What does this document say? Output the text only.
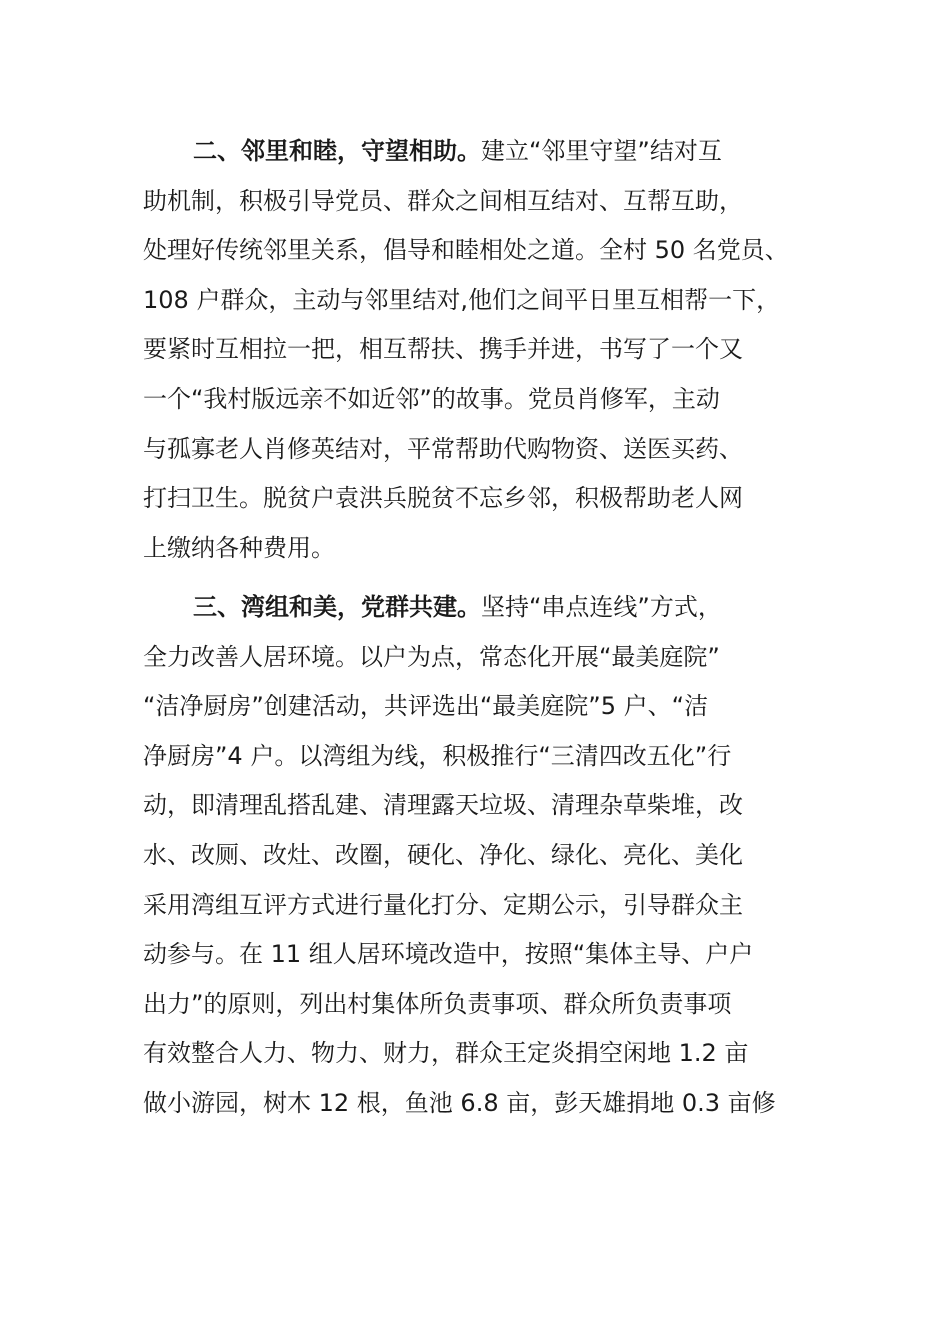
二、邻里和睦，守望相助。建立“邻里守望”结对互
助机制，积极引导党员、群众之间相互结对、互帮互助，
处理好传统邻里关系，倡导和睦相处之道。全村 50 名党员、
108 户群众，主动与邻里结对,他们之间平日里互相帮一下，
要紧时互相拉一把，相互帮扶、携手并进，书写了一个又
一个“我村版远亲不如近邻”的故事。党员肖修军，主动
与孤寡老人肖修英结对，平常帮助代购物资、送医买药、
打扫卫生。脱贫户袁洪兵脱贫不忘乡邻，积极帮助老人网
上缴纳各种费用。
三、湾组和美，党群共建。坚持“串点连线”方式，
全力改善人居环境。以户为点，常态化开展“最美庭院”
“洁净厨房”创建活动，共评选出“最美庭院”5 户、“洁
净厨房”4 户。以湾组为线，积极推行“三清四改五化”行
动，即清理乱搭乱建、清理露天垃圾、清理杂草柴堆，改
水、改厕、改灶、改圈，硬化、净化、绿化、亮化、美化
采用湾组互评方式进行量化打分、定期公示，引导群众主
动参与。在 11 组人居环境改造中，按照“集体主导、户户
出力”的原则，列出村集体所负责事项、群众所负责事项
有效整合人力、物力、财力，群众王定炎捐空闲地 1.2 亩
做小游园，树木 12 根，鱼池 6.8 亩，彭天雄捐地 0.3 亩修
